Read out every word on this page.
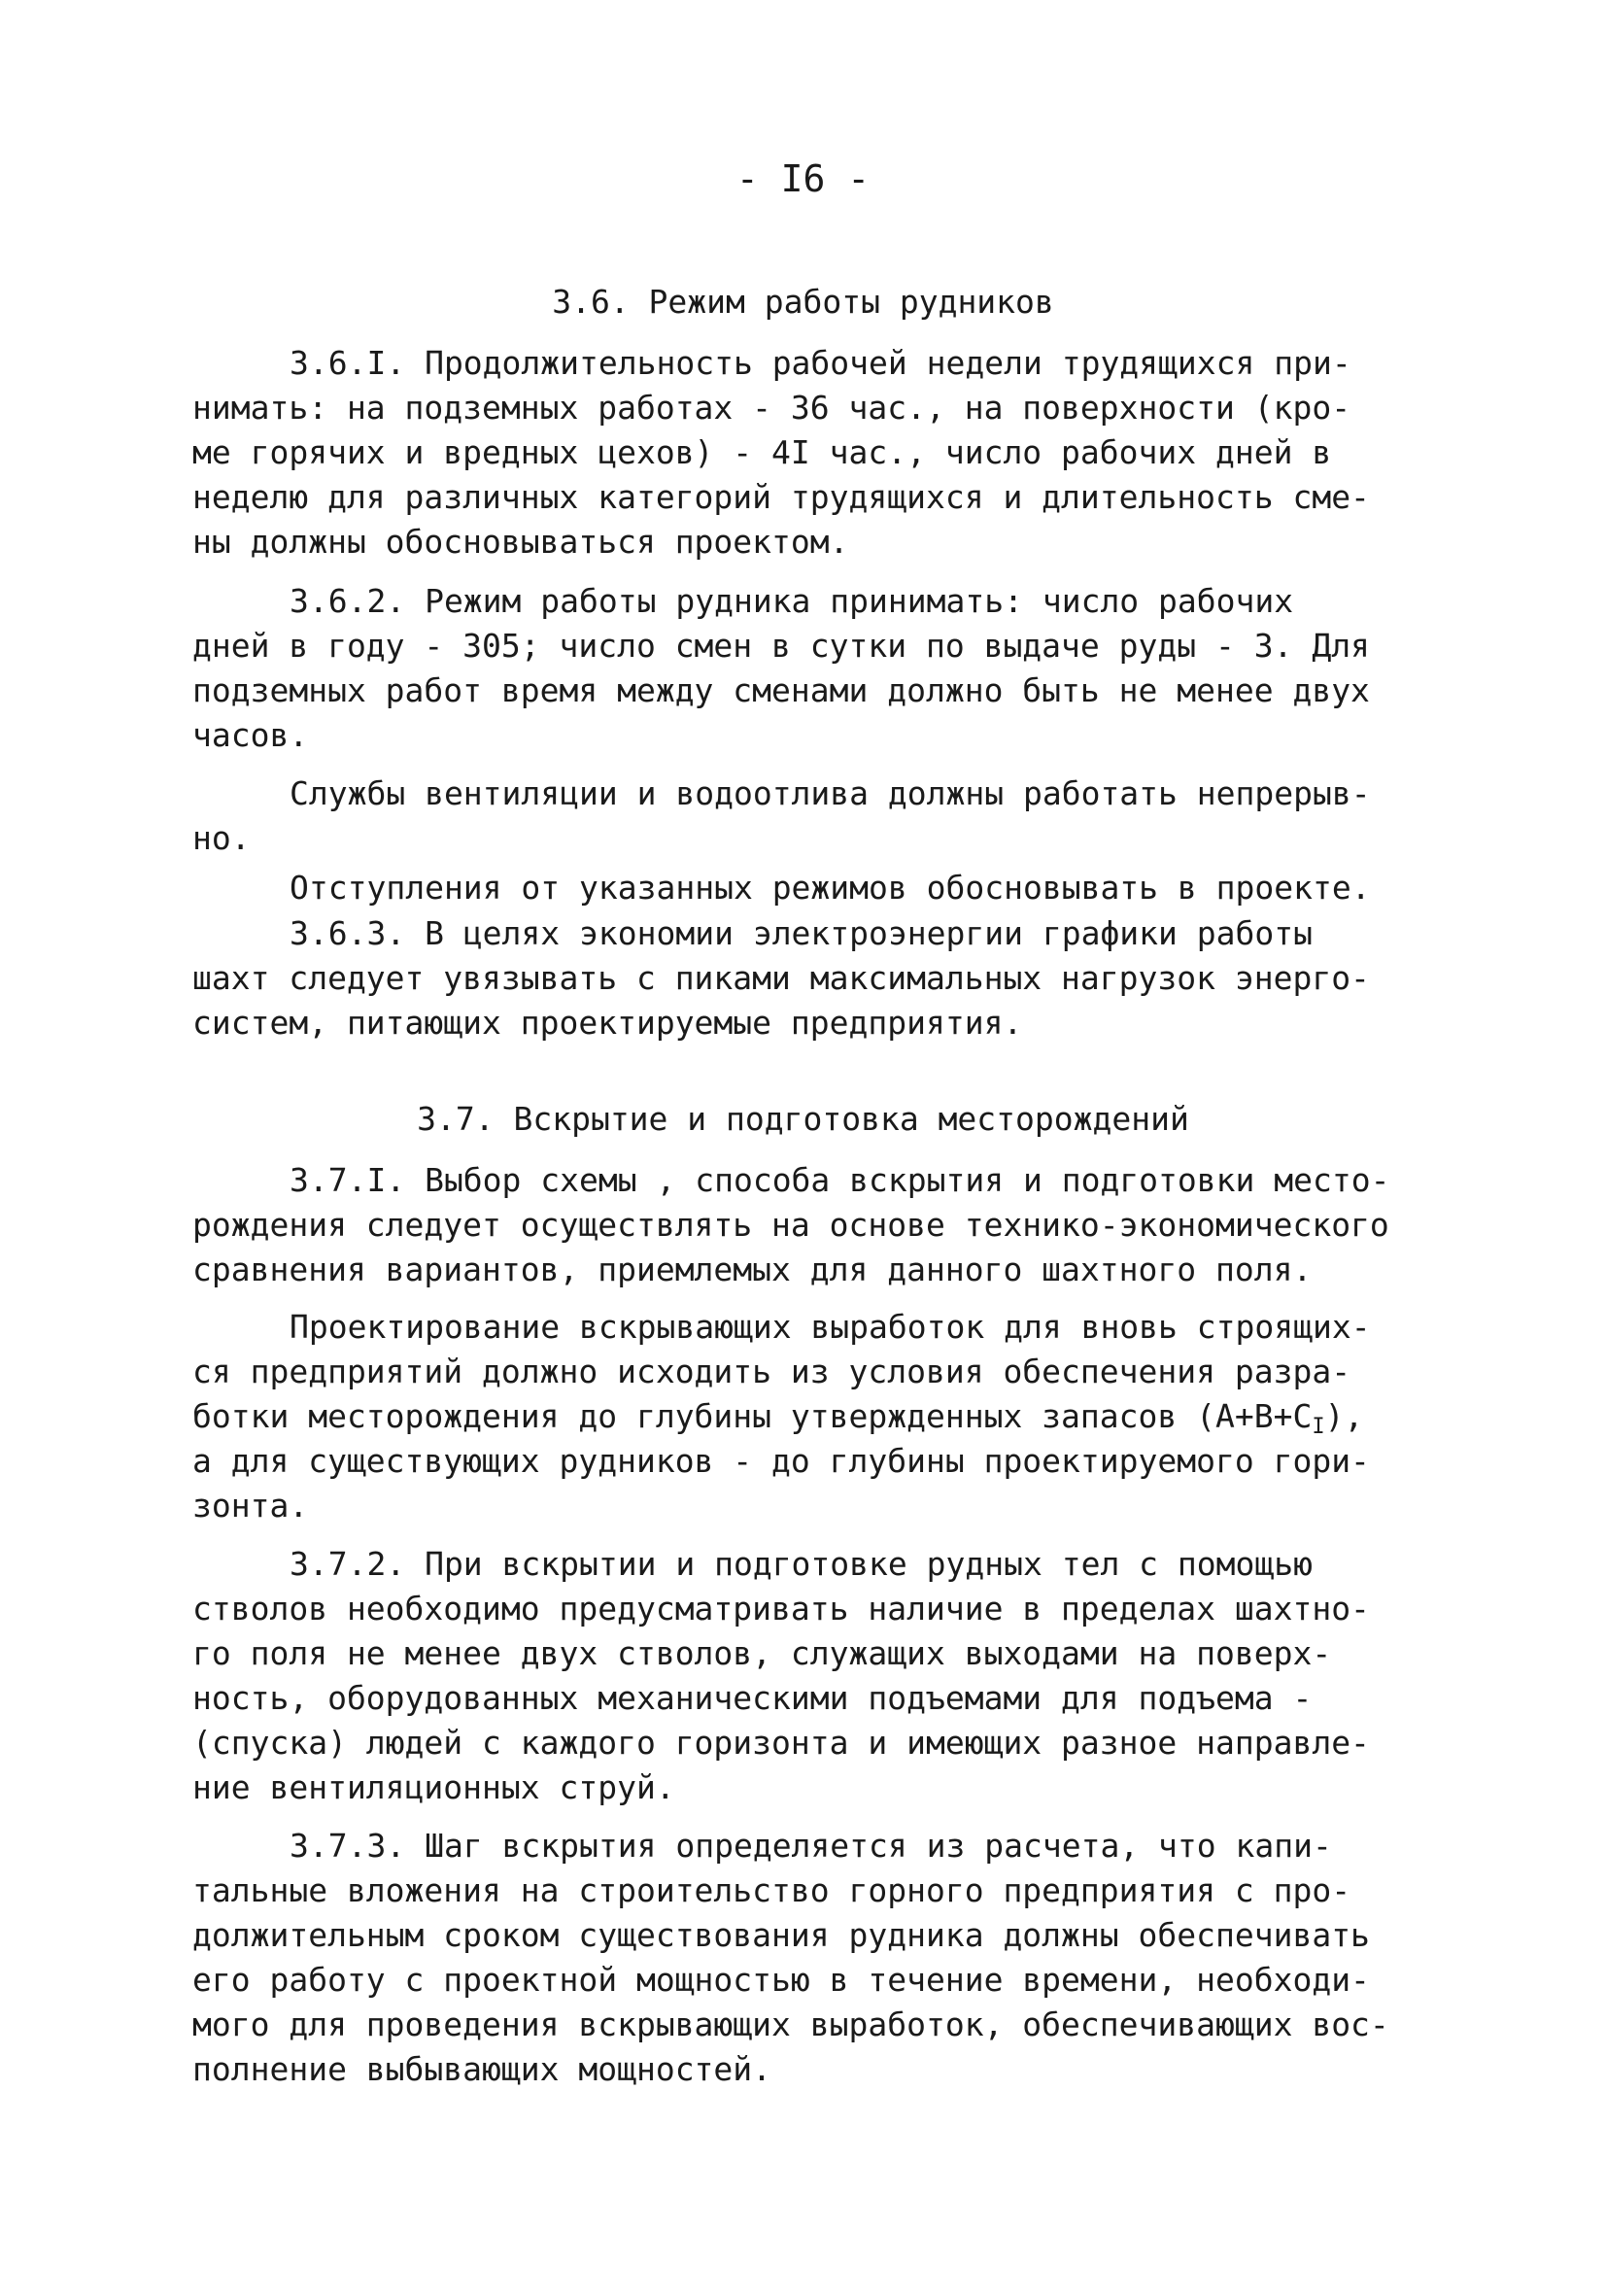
- I6 -
3.6. Режим работы рудников
3.6.I. Продолжительность рабочей недели трудящихся при-
нимать: на подземных работах - 36 час., на поверхности (кро-
ме горячих и вредных цехов) - 4I час., число рабочих дней в
неделю для различных категорий трудящихся и длительность сме-
ны должны обосновываться проектом.
3.6.2. Режим работы рудника принимать: число рабочих
дней в году - 305; число смен в сутки по выдаче руды - 3. Для
подземных работ время между сменами должно быть не менее двух
часов.
Службы вентиляции и водоотлива должны работать непрерыв-
но.
Отступления от указанных режимов обосновывать в проекте.
3.6.3. В целях экономии электроэнергии графики работы
шахт следует увязывать с пиками максимальных нагрузок энерго-
систем, питающих проектируемые предприятия.
3.7. Вскрытие и подготовка месторождений
3.7.I. Выбор схемы , способа вскрытия и подготовки место-
рождения следует осуществлять на основе технико-экономического
сравнения вариантов, приемлемых для данного шахтного поля.
Проектирование вскрывающих выработок для вновь строящих-
ся предприятий должно исходить из условия обеспечения разра-
ботки месторождения до глубины утвержденных запасов $(A+B+C_I)$,
а для существующих рудников - до глубины проектируемого гори-
зонта.
3.7.2. При вскрытии и подготовке рудных тел с помощью
стволов необходимо предусматривать наличие в пределах шахтно-
го поля не менее двух стволов, служащих выходами на поверх-
ность, оборудованных механическими подъемами для подъема -
(спуска) людей с каждого горизонта и имеющих разное направле-
ние вентиляционных струй.
3.7.3. Шаг вскрытия определяется из расчета, что капи-
тальные вложения на строительство горного предприятия с про-
должительным сроком существования рудника должны обеспечивать
его работу с проектной мощностью в течение времени, необходи-
мого для проведения вскрывающих выработок, обеспечивающих вос-
полнение выбывающих мощностей.
